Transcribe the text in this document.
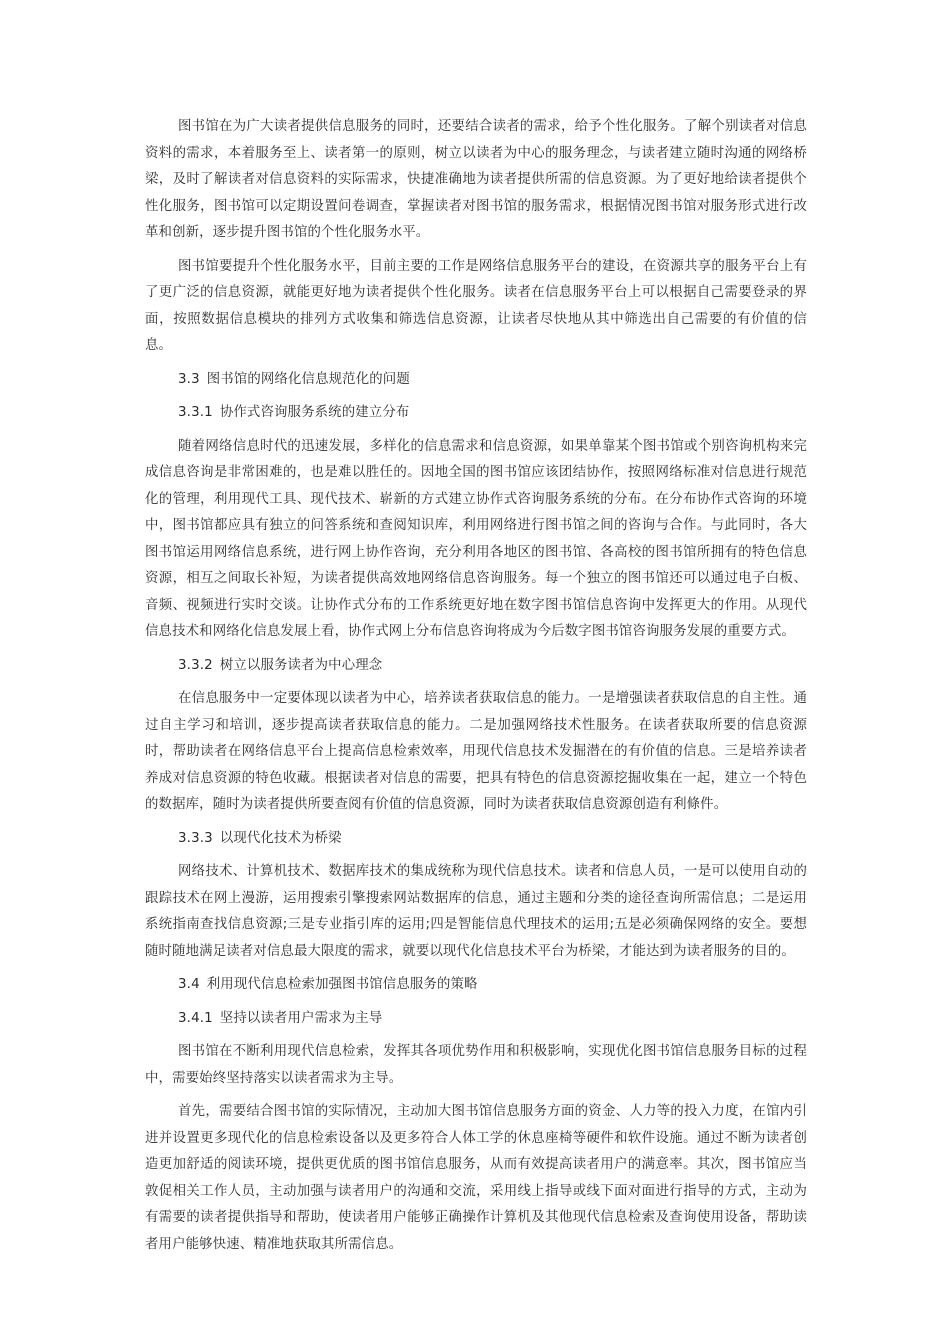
图书馆在为广大读者提供信息服务的同时，还要结合读者的需求，给予个性化服务。了解个别读者对信息资料的需求，本着服务至上、读者第一的原则，树立以读者为中心的服务理念，与读者建立随时沟通的网络桥梁，及时了解读者对信息资料的实际需求，快捷准确地为读者提供所需的信息资源。为了更好地给读者提供个性化服务，图书馆可以定期设置问卷调查，掌握读者对图书馆的服务需求，根据情况图书馆对服务形式进行改革和创新，逐步提升图书馆的个性化服务水平。

图书馆要提升个性化服务水平，目前主要的工作是网络信息服务平台的建设，在资源共享的服务平台上有了更广泛的信息资源，就能更好地为读者提供个性化服务。读者在信息服务平台上可以根据自己需要登录的界面，按照数据信息模块的排列方式收集和筛选信息资源，让读者尽快地从其中筛选出自己需要的有价值的信息。

3.3 图书馆的网络化信息规范化的问题
3.3.1 协作式咨询服务系统的建立分布

随着网络信息时代的迅速发展，多样化的信息需求和信息资源，如果单靠某个图书馆或个别咨询机构来完成信息咨询是非常困难的，也是难以胜任的。因地全国的图书馆应该团结协作，按照网络标准对信息进行规范化的管理，利用现代工具、现代技术、崭新的方式建立协作式咨询服务系统的分布。在分布协作式咨询的环境中，图书馆都应具有独立的问答系统和查阅知识库，利用网络进行图书馆之间的咨询与合作。与此同时，各大图书馆运用网络信息系统，进行网上协作咨询，充分利用各地区的图书馆、各高校的图书馆所拥有的特色信息资源，相互之间取长补短，为读者提供高效地网络信息咨询服务。每一个独立的图书馆还可以通过电子白板、音频、视频进行实时交谈。让协作式分布的工作系统更好地在数字图书馆信息咨询中发挥更大的作用。从现代信息技术和网络化信息发展上看，协作式网上分布信息咨询将成为今后数字图书馆咨询服务发展的重要方式。

3.3.2 树立以服务读者为中心理念

在信息服务中一定要体现以读者为中心，培养读者获取信息的能力。一是增强读者获取信息的自主性。通过自主学习和培训，逐步提高读者获取信息的能力。二是加强网络技术性服务。在读者获取所要的信息资源时，帮助读者在网络信息平台上提高信息检索效率，用现代信息技术发掘潜在的有价值的信息。三是培养读者养成对信息资源的特色收藏。根据读者对信息的需要，把具有特色的信息资源挖掘收集在一起，建立一个特色的数据库，随时为读者提供所要查阅有价值的信息资源，同时为读者获取信息资源创造有利條件。

3.3.3 以现代化技术为桥梁

网络技术、计算机技术、数据库技术的集成统称为现代信息技术。读者和信息人员，一是可以使用自动的跟踪技术在网上漫游，运用搜索引擎搜索网站数据库的信息，通过主题和分类的途径查询所需信息；二是运用系统指南查找信息资源;三是专业指引库的运用;四是智能信息代理技术的运用;五是必须确保网络的安全。要想随时随地满足读者对信息最大限度的需求，就要以现代化信息技术平台为桥梁，才能达到为读者服务的目的。

3.4 利用现代信息检索加强图书馆信息服务的策略
3.4.1 坚持以读者用户需求为主导

图书馆在不断利用现代信息检索，发挥其各项优势作用和积极影响，实现优化图书馆信息服务目标的过程中，需要始终坚持落实以读者需求为主导。

首先，需要结合图书馆的实际情况，主动加大图书馆信息服务方面的资金、人力等的投入力度，在馆内引进并设置更多现代化的信息检索设备以及更多符合人体工学的休息座椅等硬件和软件设施。通过不断为读者创造更加舒适的阅读环境，提供更优质的图书馆信息服务，从而有效提高读者用户的满意率。其次，图书馆应当敦促相关工作人员，主动加强与读者用户的沟通和交流，采用线上指导或线下面对面进行指导的方式，主动为有需要的读者提供指导和帮助，使读者用户能够正确操作计算机及其他现代信息检索及查询使用设备，帮助读者用户能够快速、精准地获取其所需信息。
